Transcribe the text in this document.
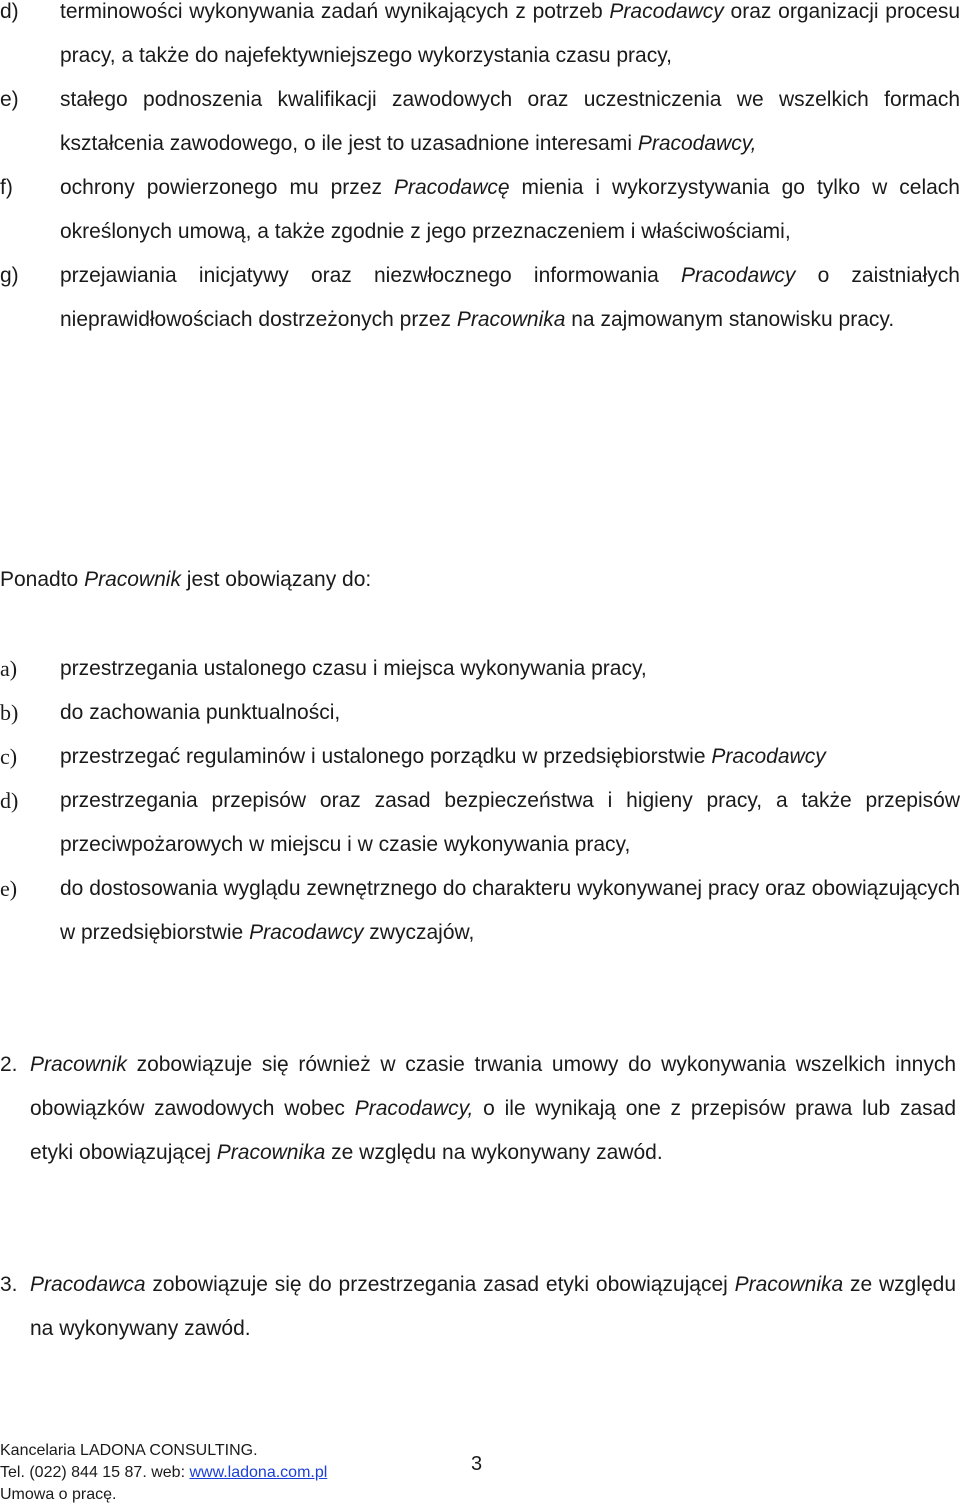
d) terminowości wykonywania zadań wynikających z potrzeb Pracodawcy oraz organizacji procesu pracy, a także do najefektywniejszego wykorzystania czasu pracy,

e) stałego podnoszenia kwalifikacji zawodowych oraz uczestniczenia we wszelkich formach kształcenia zawodowego, o ile jest to uzasadnione interesami Pracodawcy,

f) ochrony powierzonego mu przez Pracodawcę mienia i wykorzystywania go tylko w celach określonych umową, a także zgodnie z jego przeznaczeniem i właściwościami,

g) przejawiania inicjatywy oraz niezwłocznego informowania Pracodawcy o zaistniałych nieprawidłowościach dostrzeżonych przez Pracownika na zajmowanym stanowisku pracy.

Ponadto Pracownik jest obowiązany do:

a) przestrzegania ustalonego czasu i miejsca wykonywania pracy,

b) do zachowania punktualności,

c) przestrzegać regulaminów i ustalonego porządku w przedsiębiorstwie Pracodawcy

d) przestrzegania przepisów oraz zasad bezpieczeństwa i higieny pracy, a także przepisów przeciwpożarowych w miejscu i w czasie wykonywania pracy,

e) do dostosowania wyglądu zewnętrznego do charakteru wykonywanej pracy oraz obowiązujących w przedsiębiorstwie Pracodawcy zwyczajów,

2. Pracownik zobowiązuje się również w czasie trwania umowy do wykonywania wszelkich innych obowiązków zawodowych wobec Pracodawcy, o ile wynikają one z przepisów prawa lub zasad etyki obowiązującej Pracownika ze względu na wykonywany zawód.

3. Pracodawca zobowiązuje się do przestrzegania zasad etyki obowiązującej Pracownika ze względu na wykonywany zawód.

Kancelaria LADONA CONSULTING.
Tel. (022) 844 15 87. web: www.ladona.com.pl
Umowa o pracę.
3
